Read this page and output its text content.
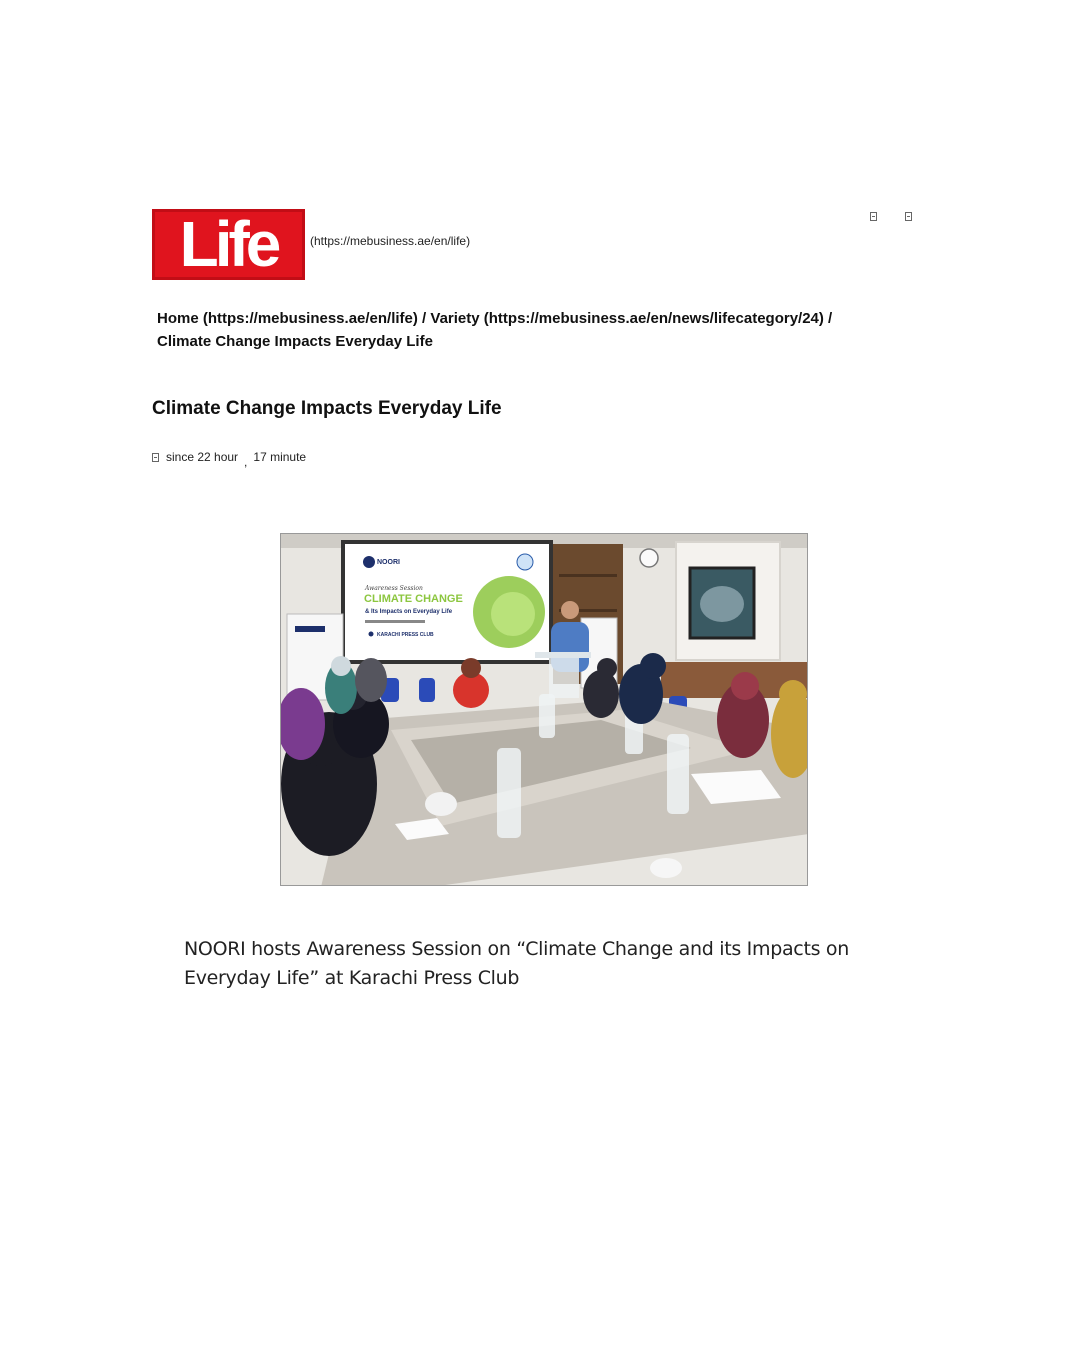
Life	(https://mebusiness.ae/en/life)
Home (https://mebusiness.ae/en/life) / Variety (https://mebusiness.ae/en/news/lifecategory/24) /
Climate Change Impacts Everyday Life
Climate Change Impacts Everyday Life
since 22 hour , 17 minute
NOORI
Awareness Session
CLIMATE CHANGE
& Its Impacts on Everyday Life
KARACHI PRESS CLUB
NOORI hosts Awareness Session on “Climate Change and its Impacts on Everyday Life” at Karachi Press Club
